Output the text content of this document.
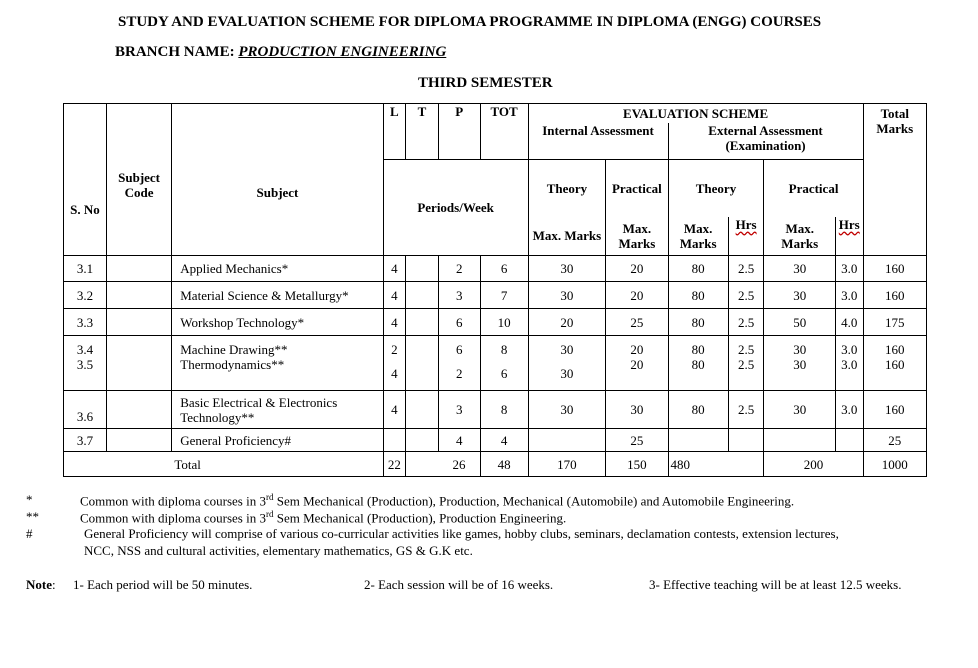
STUDY AND EVALUATION SCHEME FOR DIPLOMA PROGRAMME IN DIPLOMA (ENGG) COURSES
BRANCH NAME: PRODUCTION ENGINEERING
THIRD SEMESTER
S. No	Subject Code	Subject	L	T	P	TOT	EVALUATION SCHEME						Total Marks
							Internal Assessment		External Assessment (Examination)				
			Periods/Week				Theory	Practical	Theory		Practical		
							Max. Marks	Max. Marks	Max. Marks	Hrs	Max. Marks	Hrs	
3.1		Applied Mechanics*	4		2	6	30	20	80	2.5	30	3.0	160
3.2		Material Science & Metallurgy*	4		3	7	30	20	80	2.5	30	3.0	160
3.3		Workshop Technology*	4		6	10	20	25	80	2.5	50	4.0	175
3.4		Machine Drawing**	2		6	8	30	20	80	2.5	30	3.0	160
3.5		Thermodynamics**	4		2	6	30	20	80	2.5	30	3.0	160
3.6		Basic Electrical & Electronics Technology**	4		3	8	30	30	80	2.5	30	3.0	160
3.7		General Proficiency#			4	4		25					25
	Total		22		26	48	170	150	480		200		1000
*	Common with diploma courses in 3rd Sem Mechanical (Production), Production, Mechanical (Automobile) and Automobile Engineering.
**	Common with diploma courses in 3rd Sem Mechanical (Production), Production Engineering.
#	General Proficiency will comprise of various co-curricular activities like games, hobby clubs, seminars, declamation contests, extension lectures,
NCC, NSS and cultural activities, elementary mathematics, GS & G.K etc.
Note: 1- Each period will be 50 minutes.	2- Each session will be of 16 weeks.	3- Effective teaching will be at least 12.5 weeks.
